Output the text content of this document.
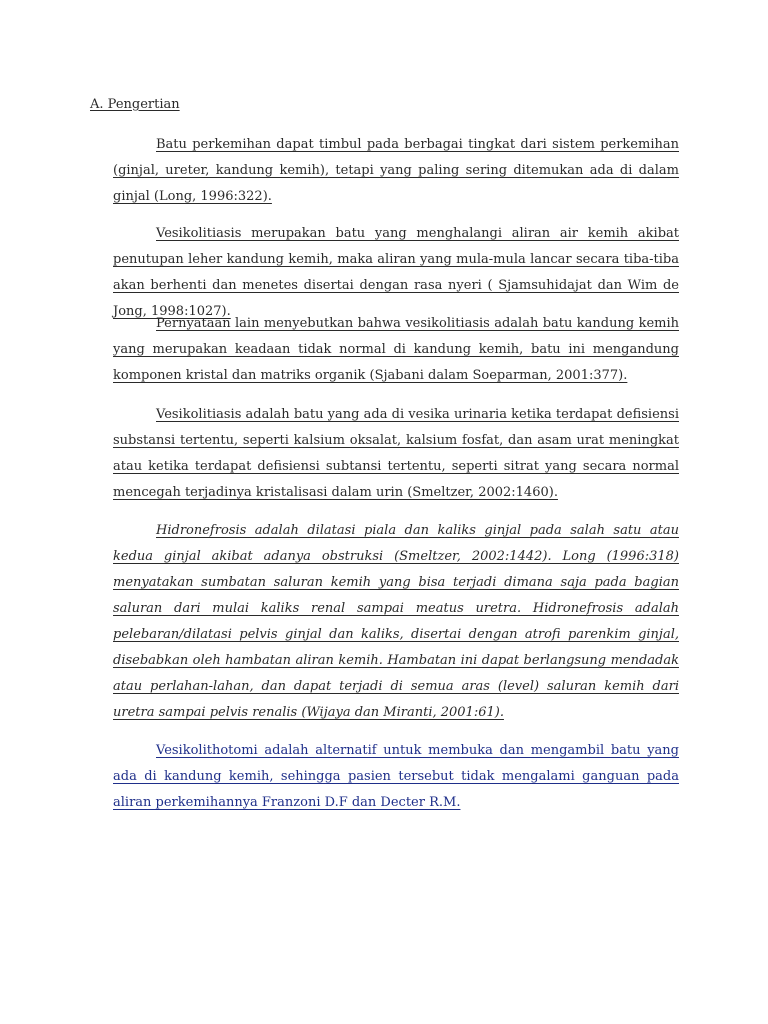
A. Pengertian

Batu perkemihan dapat timbul pada berbagai tingkat dari sistem perkemihan (ginjal, ureter, kandung kemih), tetapi yang paling sering ditemukan ada di dalam ginjal (Long, 1996:322).

Vesikolitiasis merupakan batu yang menghalangi aliran air kemih akibat penutupan leher kandung kemih, maka aliran yang mula-mula lancar secara tiba-tiba akan berhenti dan menetes disertai dengan rasa nyeri ( Sjamsuhidajat dan Wim de Jong, 1998:1027).

Pernyataan lain menyebutkan bahwa vesikolitiasis adalah batu kandung kemih yang merupakan keadaan tidak normal di kandung kemih, batu ini mengandung komponen kristal dan matriks organik (Sjabani dalam Soeparman, 2001:377).

Vesikolitiasis adalah batu yang ada di vesika urinaria ketika terdapat defisiensi substansi tertentu, seperti kalsium oksalat, kalsium fosfat, dan asam urat meningkat atau ketika terdapat defisiensi subtansi tertentu, seperti sitrat yang secara normal mencegah terjadinya kristalisasi dalam urin (Smeltzer, 2002:1460).

Hidronefrosis adalah dilatasi piala dan kaliks ginjal pada salah satu atau kedua ginjal akibat adanya obstruksi (Smeltzer, 2002:1442). Long (1996:318) menyatakan sumbatan saluran kemih yang bisa terjadi dimana saja pada bagian saluran dari mulai kaliks renal sampai meatus uretra. Hidronefrosis adalah pelebaran/dilatasi pelvis ginjal dan kaliks, disertai dengan atrofi parenkim ginjal, disebabkan oleh hambatan aliran kemih. Hambatan ini dapat berlangsung mendadak atau perlahan-lahan, dan dapat terjadi di semua aras (level) saluran kemih dari uretra sampai pelvis renalis (Wijaya dan Miranti, 2001:61).

Vesikolithotomi adalah alternatif untuk membuka dan mengambil batu yang ada di kandung kemih, sehingga pasien tersebut tidak mengalami ganguan pada aliran perkemihannya Franzoni D.F dan Decter R.M.
